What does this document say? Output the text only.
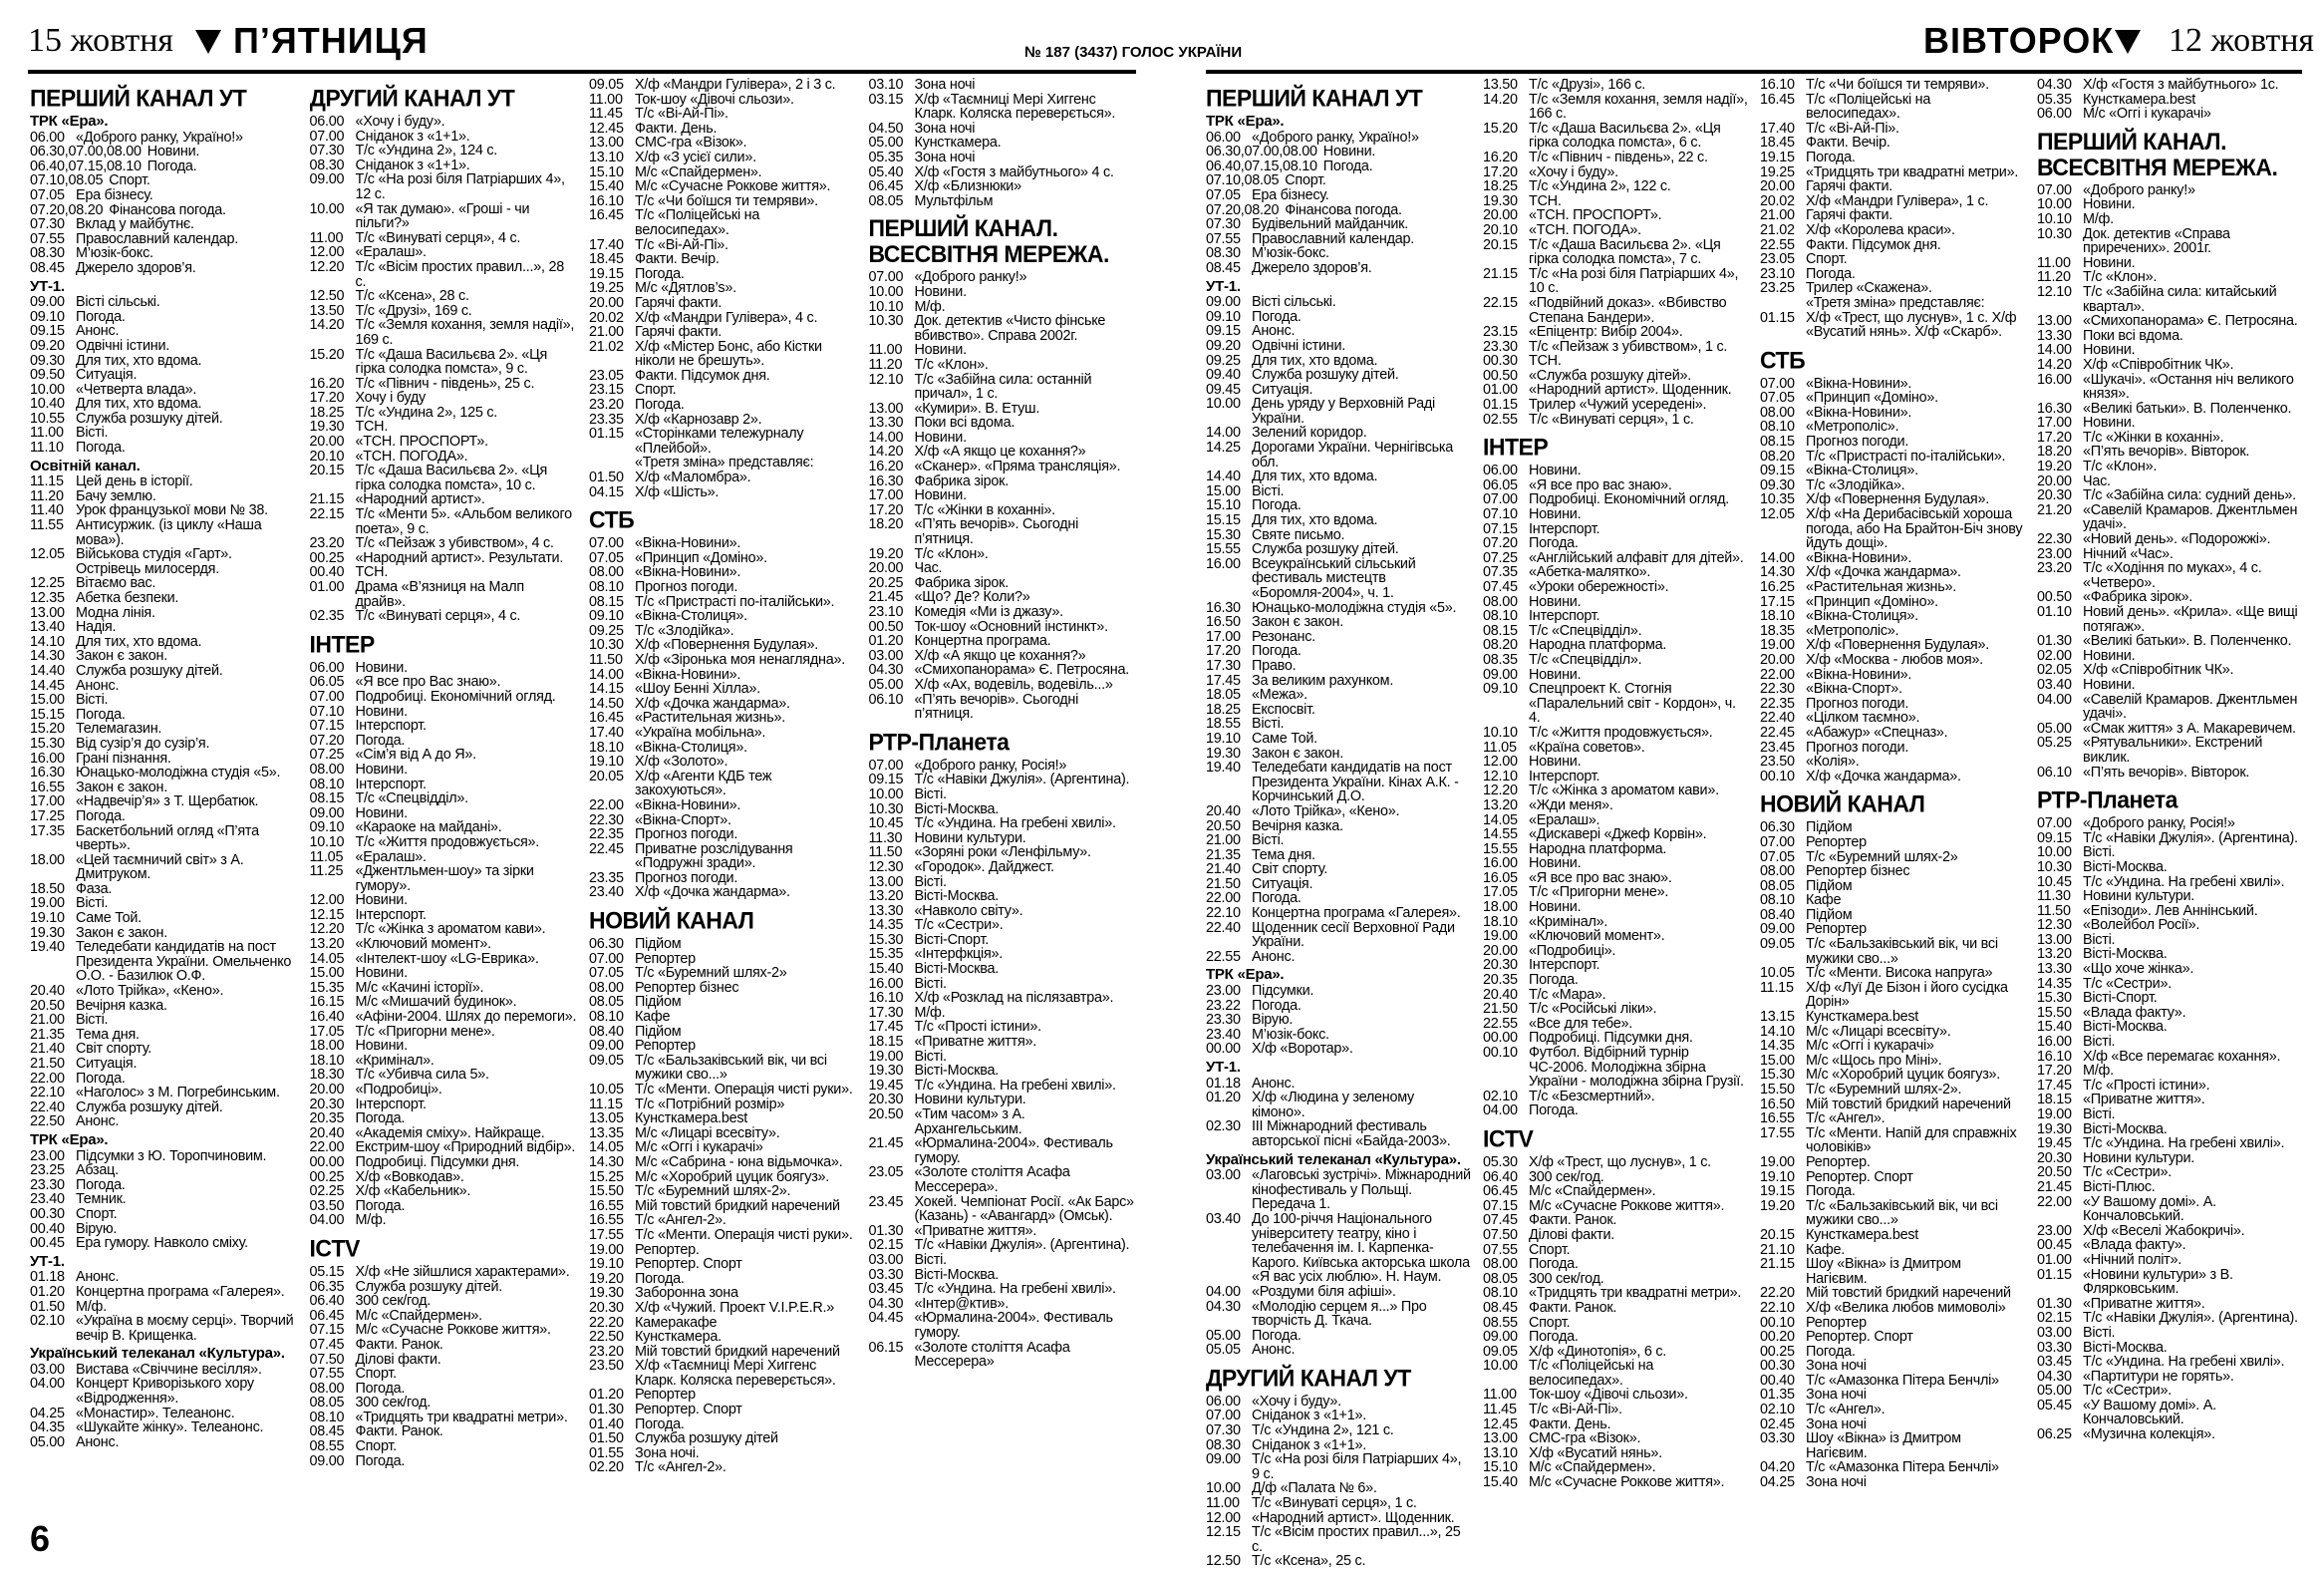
15 жовтня П’ЯТНИЦЯ	№ 187 (3437) ГОЛОС УКРАЇНИ	ВІВТОРОК 12 жовтня
ПЕРШИЙ КАНАЛ УТ
ТРК «Ера».
06.00 «Доброго ранку, Україно!»
06.30,07.00,08.00 Новини.
06.40,07.15,08.10 Погода.
07.10,08.05 Спорт.
07.05 Ера бізнесу.
07.20,08.20 Фінансова погода.
07.30 Вклад у майбутнє.
07.55 Православний календар.
08.30 М’юзік-бокс.
08.45 Джерело здоров’я.
УТ-1.
09.00 Вісті сільські.
09.10 Погода.
09.15 Анонс.
09.20 Одвічні істини.
09.30 Для тих, хто вдома.
09.50 Ситуація.
10.00 «Четверта влада».
10.40 Для тих, хто вдома.
10.55 Служба розшуку дітей.
11.00 Вісті.
11.10 Погода.
Освітній канал.
11.15 Цей день в історії.
11.20 Бачу землю.
11.40 Урок французької мови № 38.
11.55 Антисуржик. (із циклу «Наша мова»).
12.05 Військова студія «Гарт». Острівець милосердя.
12.25 Вітаємо вас.
12.35 Абетка безпеки.
13.00 Модна лінія.
13.40 Надія.
14.10 Для тих, хто вдома.
14.30 Закон є закон.
14.40 Служба розшуку дітей.
14.45 Анонс.
15.00 Вісті.
15.15 Погода.
15.20 Телемагазин.
15.30 Від сузір’я до сузір’я.
16.00 Грані пізнання.
16.30 Юнацько-молодіжна студія «5».
16.55 Закон є закон.
17.00 «Надвечір’я» з Т. Щербатюк.
17.25 Погода.
17.35 Баскетбольний огляд «П’ята чверть».
18.00 «Цей таємничий світ» з А. Дмитруком.
18.50 Фаза.
19.00 Вісті.
19.10 Саме Той.
19.30 Закон є закон.
19.40 Теледебати кандидатів на пост Президента України. Омельченко О.О. - Базилюк О.Ф.
20.40 «Лото Трійка», «Кено».
20.50 Вечірня казка.
21.00 Вісті.
21.35 Тема дня.
21.40 Світ спорту.
21.50 Ситуація.
22.00 Погода.
22.10 «Наголос» з М. Погребинським.
22.40 Служба розшуку дітей.
22.50 Анонс.
ТРК «Ера».
23.00 Підсумки з Ю. Торопчиновим.
23.25 Абзац.
23.30 Погода.
23.40 Темник.
00.30 Спорт.
00.40 Вірую.
00.45 Ера гумору. Навколо сміху.
УТ-1.
01.18 Анонс.
01.20 Концертна програма «Галерея».
01.50 М/ф.
02.10 «Україна в моєму серці». Творчий вечір В. Крищенка.
Український телеканал «Культура».
03.00 Вистава «Свіччине весілля».
04.00 Концерт Криворізького хору «Відродження».
04.25 «Монастир». Телеанонс.
04.35 «Шукайте жінку». Телеанонс.
05.00 Анонс.
ДРУГИЙ КАНАЛ УТ
06.00 «Хочу і буду».
07.00 Сніданок з «1+1».
07.30 Т/с «Ундина 2», 124 с.
08.30 Сніданок з «1+1».
09.00 Т/с «На розі біля Патріарших 4», 12 с.
10.00 «Я так думаю». «Гроші - чи пільги?»
11.00 Т/с «Винуваті серця», 4 с.
12.00 «Ералаш».
12.20 Т/с «Вісім простих правил...», 28 с.
12.50 Т/с «Ксена», 28 с.
13.50 Т/с «Друзі», 169 с.
14.20 Т/с «Земля кохання, земля надії», 169 с.
15.20 Т/с «Даша Васильєва 2». «Ця гірка солодка помста», 9 с.
16.20 Т/с «Півнич - південь», 25 с.
17.20 Хочу і буду
18.25 Т/с «Ундина 2», 125 с.
19.30 ТСН.
20.00 «ТСН. ПРОСПОРТ».
20.10 «ТСН. ПОГОДА».
20.15 Т/с «Даша Васильєва 2». «Ця гірка солодка помста», 10 с.
21.15 «Народний артист».
22.15 Т/с «Менти 5». «Альбом великого поета», 9 с.
23.20 Т/с «Пейзаж з убивством», 4 с.
00.25 «Народний артист». Результати.
00.40 ТСН.
01.00 Драма «В’язниця на Малп драйв».
02.35 Т/с «Винуваті серця», 4 с.
ІНТЕР
06.00 Новини.
06.05 «Я все про Вас знаю».
07.00 Подробиці. Економічний огляд.
07.10 Новини.
07.15 Інтерспорт.
07.20 Погода.
07.25 «Сім’я від А до Я».
08.00 Новини.
08.10 Інтерспорт.
08.15 Т/с «Спецвідділ».
09.00 Новини.
09.10 «Караоке на майдані».
10.10 Т/с «Життя продовжується».
11.05 «Ералаш».
11.25 «Джентльмен-шоу» та зірки гумору».
12.00 Новини.
12.15 Інтерспорт.
12.20 Т/с «Жінка з ароматом кави».
13.20 «Ключовий момент».
14.05 «Інтелект-шоу «LG-Еврика».
15.00 Новини.
15.35 М/с «Качині історії».
16.15 М/с «Мишачий будинок».
16.40 «Афіни-2004. Шлях до перемоги».
17.05 Т/с «Пригорни мене».
18.00 Новини.
18.10 «Кримінал».
18.30 Т/с «Убивча сила 5».
20.00 «Подробиці».
20.30 Інтерспорт.
20.35 Погода.
20.40 «Академія сміху». Найкраще.
22.00 Екстрим-шоу «Природний відбір».
00.00 Подробиці. Підсумки дня.
00.25 Х/ф «Вовкодав».
02.25 Х/ф «Кабельник».
03.50 Погода.
04.00 М/ф.
ICTV
05.15 Х/ф «Не зійшлися характерами».
06.35 Служба розшуку дітей.
06.40 300 сек/год.
06.45 М/с «Спайдермен».
07.15 М/с «Сучасне Роккове життя».
07.45 Факти. Ранок.
07.50 Ділові факти.
07.55 Спорт.
08.00 Погода.
08.05 300 сек/год.
08.10 «Тридцять три квадратні метри».
08.45 Факти. Ранок.
08.55 Спорт.
09.00 Погода.
09.05 Х/ф «Мандри Гулівера», 2 і 3 с.
11.00 Ток-шоу «Дівочі сльози».
11.45 Т/с «Ві-Ай-Пі».
12.45 Факти. День.
13.00 СМС-гра «Візок».
13.10 Х/ф «З усієї сили».
15.10 М/с «Спайдермен».
15.40 М/с «Сучасне Роккове життя».
16.10 Т/с «Чи боїшся ти темряви».
16.45 Т/с «Поліцейські на велосипедах».
17.40 Т/с «Ві-Ай-Пі».
18.45 Факти. Вечір.
19.15 Погода.
19.25 М/с «Дятлов’s».
20.00 Гарячі факти.
20.02 Х/ф «Мандри Гулівера», 4 с.
21.00 Гарячі факти.
21.02 Х/ф «Містер Бонс, або Кістки ніколи не брешуть».
23.05 Факти. Підсумок дня.
23.15 Спорт.
23.20 Погода.
23.35 Х/ф «Карнозавр 2».
01.15 «Сторінками тележурналу «Плейбой».
«Третя зміна» представляє:
01.50 Х/ф «Маломбра».
04.15 Х/ф «Шість».
СТБ
07.00 «Вікна-Новини».
07.05 «Принцип «Доміно».
08.00 «Вікна-Новини».
08.10 Прогноз погоди.
08.15 Т/с «Пристрасті по-італійськи».
09.10 «Вікна-Столиця».
09.25 Т/с «Злодійка».
10.30 Х/ф «Повернення Будулая».
11.50 Х/ф «Зіронька моя ненаглядна».
14.00 «Вікна-Новини».
14.15 «Шоу Бенні Хілла».
14.50 Х/ф «Дочка жандарма».
16.45 «Растительная жизнь».
17.40 «Україна мобільна».
18.10 «Вікна-Столиця».
19.10 Х/ф «Золото».
20.05 Х/ф «Агенти КДБ теж закохуються».
22.00 «Вікна-Новини».
22.30 «Вікна-Спорт».
22.35 Прогноз погоди.
22.45 Приватне розслідування «Подружні зради».
23.35 Прогноз погоди.
23.40 Х/ф «Дочка жандарма».
НОВИЙ КАНАЛ
06.30 Підйом
07.00 Репортер
07.05 Т/с «Буремний шлях-2»
08.00 Репортер бізнес
08.05 Підйом
08.10 Кафе
08.40 Підйом
09.00 Репортер
09.05 Т/с «Бальзаківський вік, чи всі мужики сво...»
10.05 Т/с «Менти. Операція чисті руки».
11.15 Т/с «Потрібний розмір»
13.05 Кунсткамера.best
13.35 М/с «Лицарі всесвіту».
14.05 М/с «Оггі і кукарачі»
14.30 М/с «Сабрина - юна відьмочка».
15.25 М/с «Хоробрий цуцик боягуз».
15.50 Т/с «Буремний шлях-2».
16.55 Мій товстий бридкий наречений
16.55 Т/с «Ангел-2».
17.55 Т/с «Менти. Операція чисті руки».
19.00 Репортер.
19.10 Репортер. Спорт
19.20 Погода.
19.30 Заборонна зона
20.30 Х/ф «Чужий. Проект V.I.P.E.R.»
22.20 Камеракафе
22.50 Кунсткамера.
23.20 Мій товстий бридкий наречений
23.50 Х/ф «Таємниці Мері Хиггенс Кларк. Коляска переверється».
01.20 Репортер
01.30 Репортер. Спорт
01.40 Погода.
01.50 Служба розшуку дітей
01.55 Зона ночі.
02.20 Т/с «Ангел-2».
03.10 Зона ночі
03.15 Х/ф «Таємниці Мері Хиггенс Кларк. Коляска переверється».
04.50 Зона ночі
05.00 Кунсткамера.
05.35 Зона ночі
05.40 Х/ф «Гостя з майбутнього» 4 с.
06.45 Х/ф «Близнюки»
08.05 Мультфільм
ПЕРШИЙ КАНАЛ. ВСЕСВІТНЯ МЕРЕЖА.
07.00 «Доброго ранку!»
10.00 Новини.
10.10 М/ф.
10.30 Док. детектив «Чисто фінське вбивство». Справа 2002г.
11.00 Новини.
11.20 Т/с «Клон».
12.10 Т/с «Забійна сила: останній причал», 1 с.
13.00 «Кумири». В. Етуш.
13.30 Поки всі вдома.
14.00 Новини.
14.20 Х/ф «А якщо це кохання?»
16.20 «Сканер». «Пряма трансляція».
16.30 Фабрика зірок.
17.00 Новини.
17.20 Т/с «Жінки в коханні».
18.20 «П’ять вечорів». Сьогодні п’ятниця.
19.20 Т/с «Клон».
20.00 Час.
20.25 Фабрика зірок.
21.45 «Що? Де? Коли?»
23.10 Комедія «Ми із джазу».
00.50 Ток-шоу «Основний інстинкт».
01.20 Концертна програма.
03.00 Х/ф «А якщо це кохання?»
04.30 «Смихопанорама» Є. Петросяна.
05.00 Х/ф «Ах, водевіль, водевіль...»
06.10 «П’ять вечорів». Сьогодні п’ятниця.
РТР-Планета
07.00 «Доброго ранку, Росія!»
09.15 Т/с «Навіки Джулія». (Аргентина).
10.00 Вісті.
10.30 Вісті-Москва.
10.45 Т/с «Ундина. На гребені хвилі».
11.30 Новини культури.
11.50 «Зоряні роки «Ленфільму».
12.30 «Городок». Дайджест.
13.00 Вісті.
13.20 Вісті-Москва.
13.30 «Навколо світу».
14.35 Т/с «Сестри».
15.30 Вісті-Спорт.
15.35 «Інтерфкція».
15.40 Вісті-Москва.
16.00 Вісті.
16.10 Х/ф «Розклад на післязавтра».
17.30 М/ф.
17.45 Т/с «Прості істини».
18.15 «Приватне життя».
19.00 Вісті.
19.30 Вісті-Москва.
19.45 Т/с «Ундина. На гребені хвилі».
20.30 Новини культури.
20.50 «Тим часом» з А. Архангельським.
21.45 «Юрмалина-2004». Фестиваль гумору.
23.05 «Золоте століття Асафа Мессерера».
23.45 Хокей. Чемпіонат Росії. «Ак Барс» (Казань) - «Авангард» (Омськ).
01.30 «Приватне життя».
02.15 Т/с «Навіки Джулія». (Аргентина).
03.00 Вісті.
03.30 Вісті-Москва.
03.45 Т/с «Ундина. На гребені хвилі».
04.30 «Інтер@ктив».
04.45 «Юрмалина-2004». Фестиваль гумору.
06.15 «Золоте століття Асафа Мессерера»
ПЕРШИЙ КАНАЛ УТ
ТРК «Ера».
06.00 «Доброго ранку, Україно!»
06.30,07.00,08.00 Новини.
06.40,07.15,08.10 Погода.
07.10,08.05 Спорт.
07.05 Ера бізнесу.
07.20,08.20 Фінансова погода.
07.30 Будівельний майданчик.
07.55 Православний календар.
08.30 М’юзік-бокс.
08.45 Джерело здоров’я.
УТ-1.
09.00 Вісті сільські.
09.10 Погода.
09.15 Анонс.
09.20 Одвічні істини.
09.25 Для тих, хто вдома.
09.40 Служба розшуку дітей.
09.45 Ситуація.
10.00 День уряду у Верховній Раді України.
14.00 Зелений коридор.
14.25 Дорогами України. Чернігівська обл.
14.40 Для тих, хто вдома.
15.00 Вісті.
15.10 Погода.
15.15 Для тих, хто вдома.
15.30 Святе письмо.
15.55 Служба розшуку дітей.
16.00 Всеукраїнський сільський фестиваль мистецтв «Боромля-2004», ч. 1.
16.30 Юнацько-молодіжна студія «5».
16.50 Закон є закон.
17.00 Резонанс.
17.20 Погода.
17.30 Право.
17.45 За великим рахунком.
18.05 «Межа».
18.25 Експосвіт.
18.55 Вісті.
19.10 Саме Той.
19.30 Закон є закон.
19.40 Теледебати кандидатів на пост Президента України. Кінах А.К. - Корчинський Д.О.
20.40 «Лото Трійка», «Кено».
20.50 Вечірня казка.
21.00 Вісті.
21.35 Тема дня.
21.40 Світ спорту.
21.50 Ситуація.
22.00 Погода.
22.10 Концертна програма «Галерея».
22.40 Щоденник сесії Верховної Ради України.
22.55 Анонс.
ТРК «Ера».
23.00 Підсумки.
23.22 Погода.
23.30 Вірую.
23.40 М’юзік-бокс.
00.00 Х/ф «Воротар».
УТ-1.
01.18 Анонс.
01.20 Х/ф «Людина у зеленому кімоно».
02.30 ІІІ Міжнародний фестиваль авторської пісні «Байда-2003».
Український телеканал «Культура».
03.00 «Лаговські зустрічі». Міжнародний кінофестиваль у Польщі. Передача 1.
03.40 До 100-річчя Національного університету театру, кіно і телебачення ім. І. Карпенка-Карого. Київська акторська школа «Я вас усіх люблю». Н. Наум.
04.00 «Роздуми біля афіші».
04.30 «Молодію серцем я...» Про творчість Д. Ткача.
05.00 Погода.
05.05 Анонс.
ДРУГИЙ КАНАЛ УТ
06.00 «Хочу і буду».
07.00 Сніданок з «1+1».
07.30 Т/с «Ундина 2», 121 с.
08.30 Сніданок з «1+1».
09.00 Т/с «На розі біля Патріарших 4», 9 с.
10.00 Д/ф «Палата № 6».
11.00 Т/с «Винуваті серця», 1 с.
12.00 «Народний артист». Щоденник.
12.15 Т/с «Вісім простих правил...», 25 с.
12.50 Т/с «Ксена», 25 с.
13.50 Т/с «Друзі», 166 с.
14.20 Т/с «Земля кохання, земля надії», 166 с.
15.20 Т/с «Даша Васильєва 2». «Ця гірка солодка помста», 6 с.
16.20 Т/с «Півнич - південь», 22 с.
17.20 «Хочу і буду».
18.25 Т/с «Ундина 2», 122 с.
19.30 ТСН.
20.00 «ТСН. ПРОСПОРТ».
20.10 «ТСН. ПОГОДА».
20.15 Т/с «Даша Васильєва 2». «Ця гірка солодка помста», 7 с.
21.15 Т/с «На розі біля Патріарших 4», 10 с.
22.15 «Подвійний доказ». «Вбивство Степана Бандери».
23.15 «Епіцентр: Вибір 2004».
23.30 Т/с «Пейзаж з убивством», 1 с.
00.30 ТСН.
00.50 «Служба розшуку дітей».
01.00 «Народний артист». Щоденник.
01.15 Трилер «Чужий усередені».
02.55 Т/с «Винуваті серця», 1 с.
ІНТЕР
06.00 Новини.
06.05 «Я все про вас знаю».
07.00 Подробиці. Економічний огляд.
07.10 Новини.
07.15 Інтерспорт.
07.20 Погода.
07.25 «Англійський алфавіт для дітей».
07.35 «Абетка-малятко».
07.45 «Уроки обережності».
08.00 Новини.
08.10 Інтерспорт.
08.15 Т/с «Спецвідділ».
08.20 Народна платформа.
08.35 Т/с «Спецвідділ».
09.00 Новини.
09.10 Спецпроект К. Стогнія «Паралельний світ - Кордон», ч. 4.
10.10 Т/с «Життя продовжується».
11.05 «Країна советов».
12.00 Новини.
12.10 Інтерспорт.
12.20 Т/с «Жінка з ароматом кави».
13.20 «Жди меня».
14.05 «Ералаш».
14.55 «Дискавері «Джеф Корвін».
15.55 Народна платформа.
16.00 Новини.
16.05 «Я все про вас знаю».
17.05 Т/с «Пригорни мене».
18.00 Новини.
18.10 «Кримінал».
19.00 «Ключовий момент».
20.00 «Подробиці».
20.30 Інтерспорт.
20.35 Погода.
20.40 Т/с «Мара».
21.50 Т/с «Російські ліки».
22.55 «Все для тебе».
00.00 Подробиці. Підсумки дня.
00.10 Футбол. Відбірний турнір ЧС-2006. Молодіжна збірна України - молодіжна збірна Грузії.
02.10 Т/с «Безсмертний».
04.00 Погода.
ICTV
05.30 Х/ф «Трест, що луснув», 1 с.
06.40 300 сек/год.
06.45 М/с «Спайдермен».
07.15 М/с «Сучасне Роккове життя».
07.45 Факти. Ранок.
07.50 Ділові факти.
07.55 Спорт.
08.00 Погода.
08.05 300 сек/год.
08.10 «Тридцять три квадратні метри».
08.45 Факти. Ранок.
08.55 Спорт.
09.00 Погода.
09.05 Х/ф «Динотопія», 6 с.
10.00 Т/с «Поліцейські на велосипедах».
11.00 Ток-шоу «Дівочі сльози».
11.45 Т/с «Ві-Ай-Пі».
12.45 Факти. День.
13.00 СМС-гра «Візок».
13.10 Х/ф «Вусатий нянь».
15.10 М/с «Спайдермен».
15.40 М/с «Сучасне Роккове життя».
16.10 Т/с «Чи боїшся ти темряви».
16.45 Т/с «Поліцейські на велосипедах».
17.40 Т/с «Ві-Ай-Пі».
18.45 Факти. Вечір.
19.15 Погода.
19.25 «Тридцять три квадратні метри».
20.00 Гарячі факти.
20.02 Х/ф «Мандри Гулівера», 1 с.
21.00 Гарячі факти.
21.02 Х/ф «Королева краси».
22.55 Факти. Підсумок дня.
23.05 Спорт.
23.10 Погода.
23.25 Трилер «Скажена».
«Третя зміна» представляє:
01.15 Х/ф «Трест, що луснув», 1 с. Х/ф «Вусатий нянь». Х/ф «Скарб».
СТБ
07.00 «Вікна-Новини».
07.05 «Принцип «Доміно».
08.00 «Вікна-Новини».
08.10 «Метрополіс».
08.15 Прогноз погоди.
08.20 Т/с «Пристрасті по-італійськи».
09.15 «Вікна-Столиця».
09.30 Т/с «Злодійка».
10.35 Х/ф «Повернення Будулая».
12.05 Х/ф «На Дерибасівській хороша погода, або На Брайтон-Біч знову йдуть дощі».
14.00 «Вікна-Новини».
14.30 Х/ф «Дочка жандарма».
16.25 «Растительная жизнь».
17.15 «Принцип «Доміно».
18.10 «Вікна-Столиця».
18.35 «Метрополіс».
19.00 Х/ф «Повернення Будулая».
20.00 Х/ф «Москва - любов моя».
22.00 «Вікна-Новини».
22.30 «Вікна-Спорт».
22.35 Прогноз погоди.
22.40 «Цілком таємно».
22.45 «Абажур» «Спецназ».
23.45 Прогноз погоди.
23.50 «Колія».
00.10 Х/ф «Дочка жандарма».
НОВИЙ КАНАЛ
06.30 Підйом
07.00 Репортер
07.05 Т/с «Буремний шлях-2»
08.00 Репортер бізнес
08.05 Підйом
08.10 Кафе
08.40 Підйом
09.00 Репортер
09.05 Т/с «Бальзаківський вік, чи всі мужики сво...»
10.05 Т/с «Менти. Висока напруга»
11.15 Х/ф «Луї Де Бізон і його сусідка Дорін»
13.15 Кунсткамера.best
14.10 М/с «Лицарі всесвіту».
14.35 М/с «Оггі і кукарачі»
15.00 М/с «Щось про Міні».
15.30 М/с «Хоробрий цуцик боягуз».
15.50 Т/с «Буремний шлях-2».
16.50 Мій товстий бридкий наречений
16.55 Т/с «Ангел».
17.55 Т/с «Менти. Напій для справжніх чоловіків»
19.00 Репортер.
19.10 Репортер. Спорт
19.15 Погода.
19.20 Т/с «Бальзаківський вік, чи всі мужики сво...»
20.15 Кунсткамера.best
21.10 Кафе.
21.15 Шоу «Вікна» із Дмитром Нагієвим.
22.20 Мій товстий бридкий наречений
22.10 Х/ф «Велика любов мимоволі»
00.10 Репортер
00.20 Репортер. Спорт
00.25 Погода.
00.30 Зона ночі
00.40 Т/с «Амазонка Пітера Бенчлі»
01.35 Зона ночі
02.10 Т/с «Ангел».
02.45 Зона ночі
03.30 Шоу «Вікна» із Дмитром Нагієвим.
04.20 Т/с «Амазонка Пітера Бенчлі»
04.25 Зона ночі
04.30 Х/ф «Гостя з майбутнього» 1с.
05.35 Кунсткамера.best
06.00 М/с «Оггі і кукарачі»
ПЕРШИЙ КАНАЛ. ВСЕСВІТНЯ МЕРЕЖА.
07.00 «Доброго ранку!»
10.00 Новини.
10.10 М/ф.
10.30 Док. детектив «Справа приречених». 2001г.
11.00 Новини.
11.20 Т/с «Клон».
12.10 Т/с «Забійна сила: китайський квартал».
13.00 «Смихопанорама» Є. Петросяна.
13.30 Поки всі вдома.
14.00 Новини.
14.20 Х/ф «Співробітник ЧК».
16.00 «Шукачі». «Остання ніч великого князя».
16.30 «Великі батьки». В. Поленченко.
17.00 Новини.
17.20 Т/с «Жінки в коханні».
18.20 «П’ять вечорів». Вівторок.
19.20 Т/с «Клон».
20.00 Час.
20.30 Т/с «Забійна сила: судний день».
21.20 «Савелій Крамаров. Джентльмен удачі».
22.30 «Новий день». «Подорожжі».
23.00 Нічний «Час».
23.20 Т/с «Ходіння по муках», 4 с. «Четверо».
00.50 «Фабрика зірок».
01.10 Новий день». «Крила». «Ще вищі потягаж».
01.30 «Великі батьки». В. Поленченко.
02.00 Новини.
02.05 Х/ф «Співробітник ЧК».
03.40 Новини.
04.00 «Савелій Крамаров. Джентльмен удачі».
05.00 «Смак життя» з А. Макаревичем.
05.25 «Рятувальники». Екстрений виклик.
06.10 «П’ять вечорів». Вівторок.
РТР-Планета
07.00 «Доброго ранку, Росія!»
09.15 Т/с «Навіки Джулія». (Аргентина).
10.00 Вісті.
10.30 Вісті-Москва.
10.45 Т/с «Ундина. На гребені хвилі».
11.30 Новини культури.
11.50 «Епізоди». Лев Аннінський.
12.30 «Волейбол Росії».
13.00 Вісті.
13.20 Вісті-Москва.
13.30 «Що хоче жінка».
14.35 Т/с «Сестри».
15.30 Вісті-Спорт.
15.50 «Влада факту».
15.40 Вісті-Москва.
16.00 Вісті.
16.10 Х/ф «Все перемагає кохання».
17.20 М/ф.
17.45 Т/с «Прості істини».
18.15 «Приватне життя».
19.00 Вісті.
19.30 Вісті-Москва.
19.45 Т/с «Ундина. На гребені хвилі».
20.30 Новини культури.
20.50 Т/с «Сестри».
21.45 Вісті-Плюс.
22.00 «У Вашому домі». А. Кончаловський.
23.00 Х/ф «Веселі Жабокричі».
00.45 «Влада факту».
01.00 «Нічний політ».
01.15 «Новини культури» з В. Флярковським.
01.30 «Приватне життя».
02.15 Т/с «Навіки Джулія». (Аргентина).
03.00 Вісті.
03.30 Вісті-Москва.
03.45 Т/с «Ундина. На гребені хвилі».
04.30 «Партитури не горять».
05.00 Т/с «Сестри».
05.45 «У Вашому домі». А. Кончаловський.
06.25 «Музична колекція».
6
